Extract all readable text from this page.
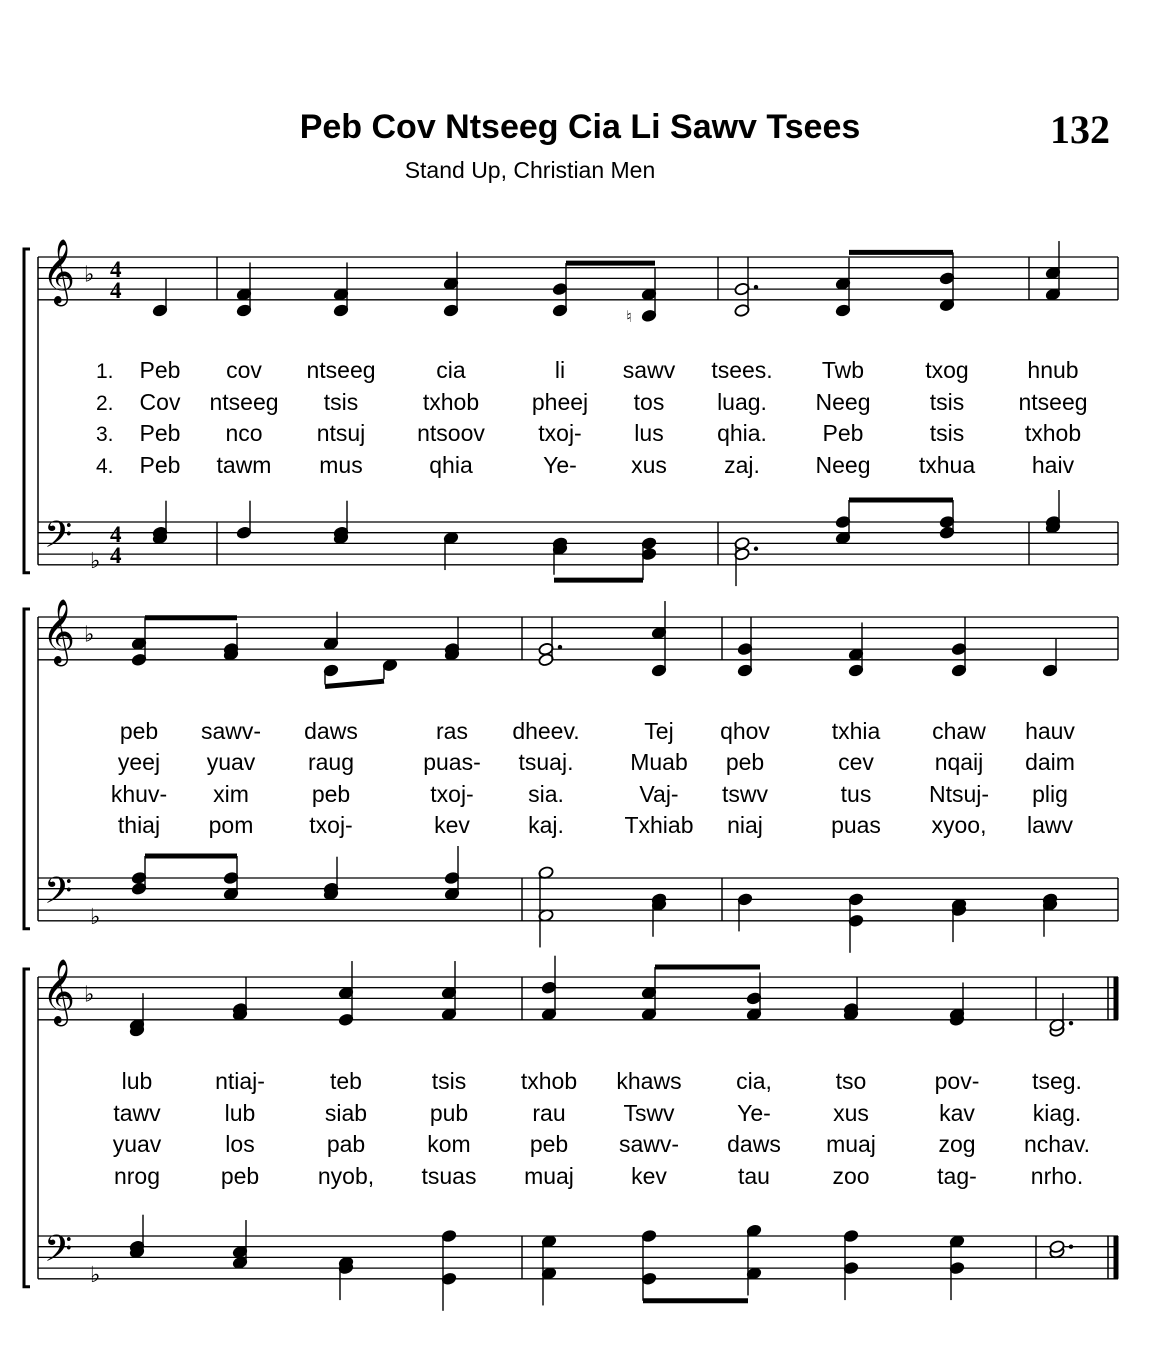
Peb Cov Ntseeg Cia Li Sawv Tsees	132
Stand Up, Christian Men
𝄞
𝄢
♭
♭
4
4
4
4
1. Peb cov ntseeg	cia	li	sawv tsees. Twb	txog	hnub
2. Cov ntseeg tsis	txhob pheej tos luag. Neeg	tsis ntseeg
3. Peb nco ntsuj ntsoov txoj- lus qhia. Peb	tsis	txhob
4. Peb tawm mus	qhia	Ye- xus zaj. Neeg txhua haiv
𝄞
𝄢
♭
♭
peb sawv- daws	ras dheev.	Tej qhov	txhia chaw hauv
yeej yuav raug	puas- tsuaj. Muab peb	cev	nqaij daim
khuv- xim	peb	txoj- sia.	Vaj- tswv	tus	Ntsuj- plig
thiaj pom txoj-	kev	kaj.	Txhiab niaj	puas xyoo, lawv
𝄞
𝄢
♭
♭
lub	ntiaj-	teb	tsis txhob khaws cia,	tso	pov- tseg.
tawv	lub	siab	pub	rau	Tswv	Ye-	xus	kav	kiag.
yuav	los	pab	kom	peb sawv- daws muaj	zog nchav.
nrog	peb	nyob, tsuas muaj kev	tau	zoo	tag- nrho.
♮
